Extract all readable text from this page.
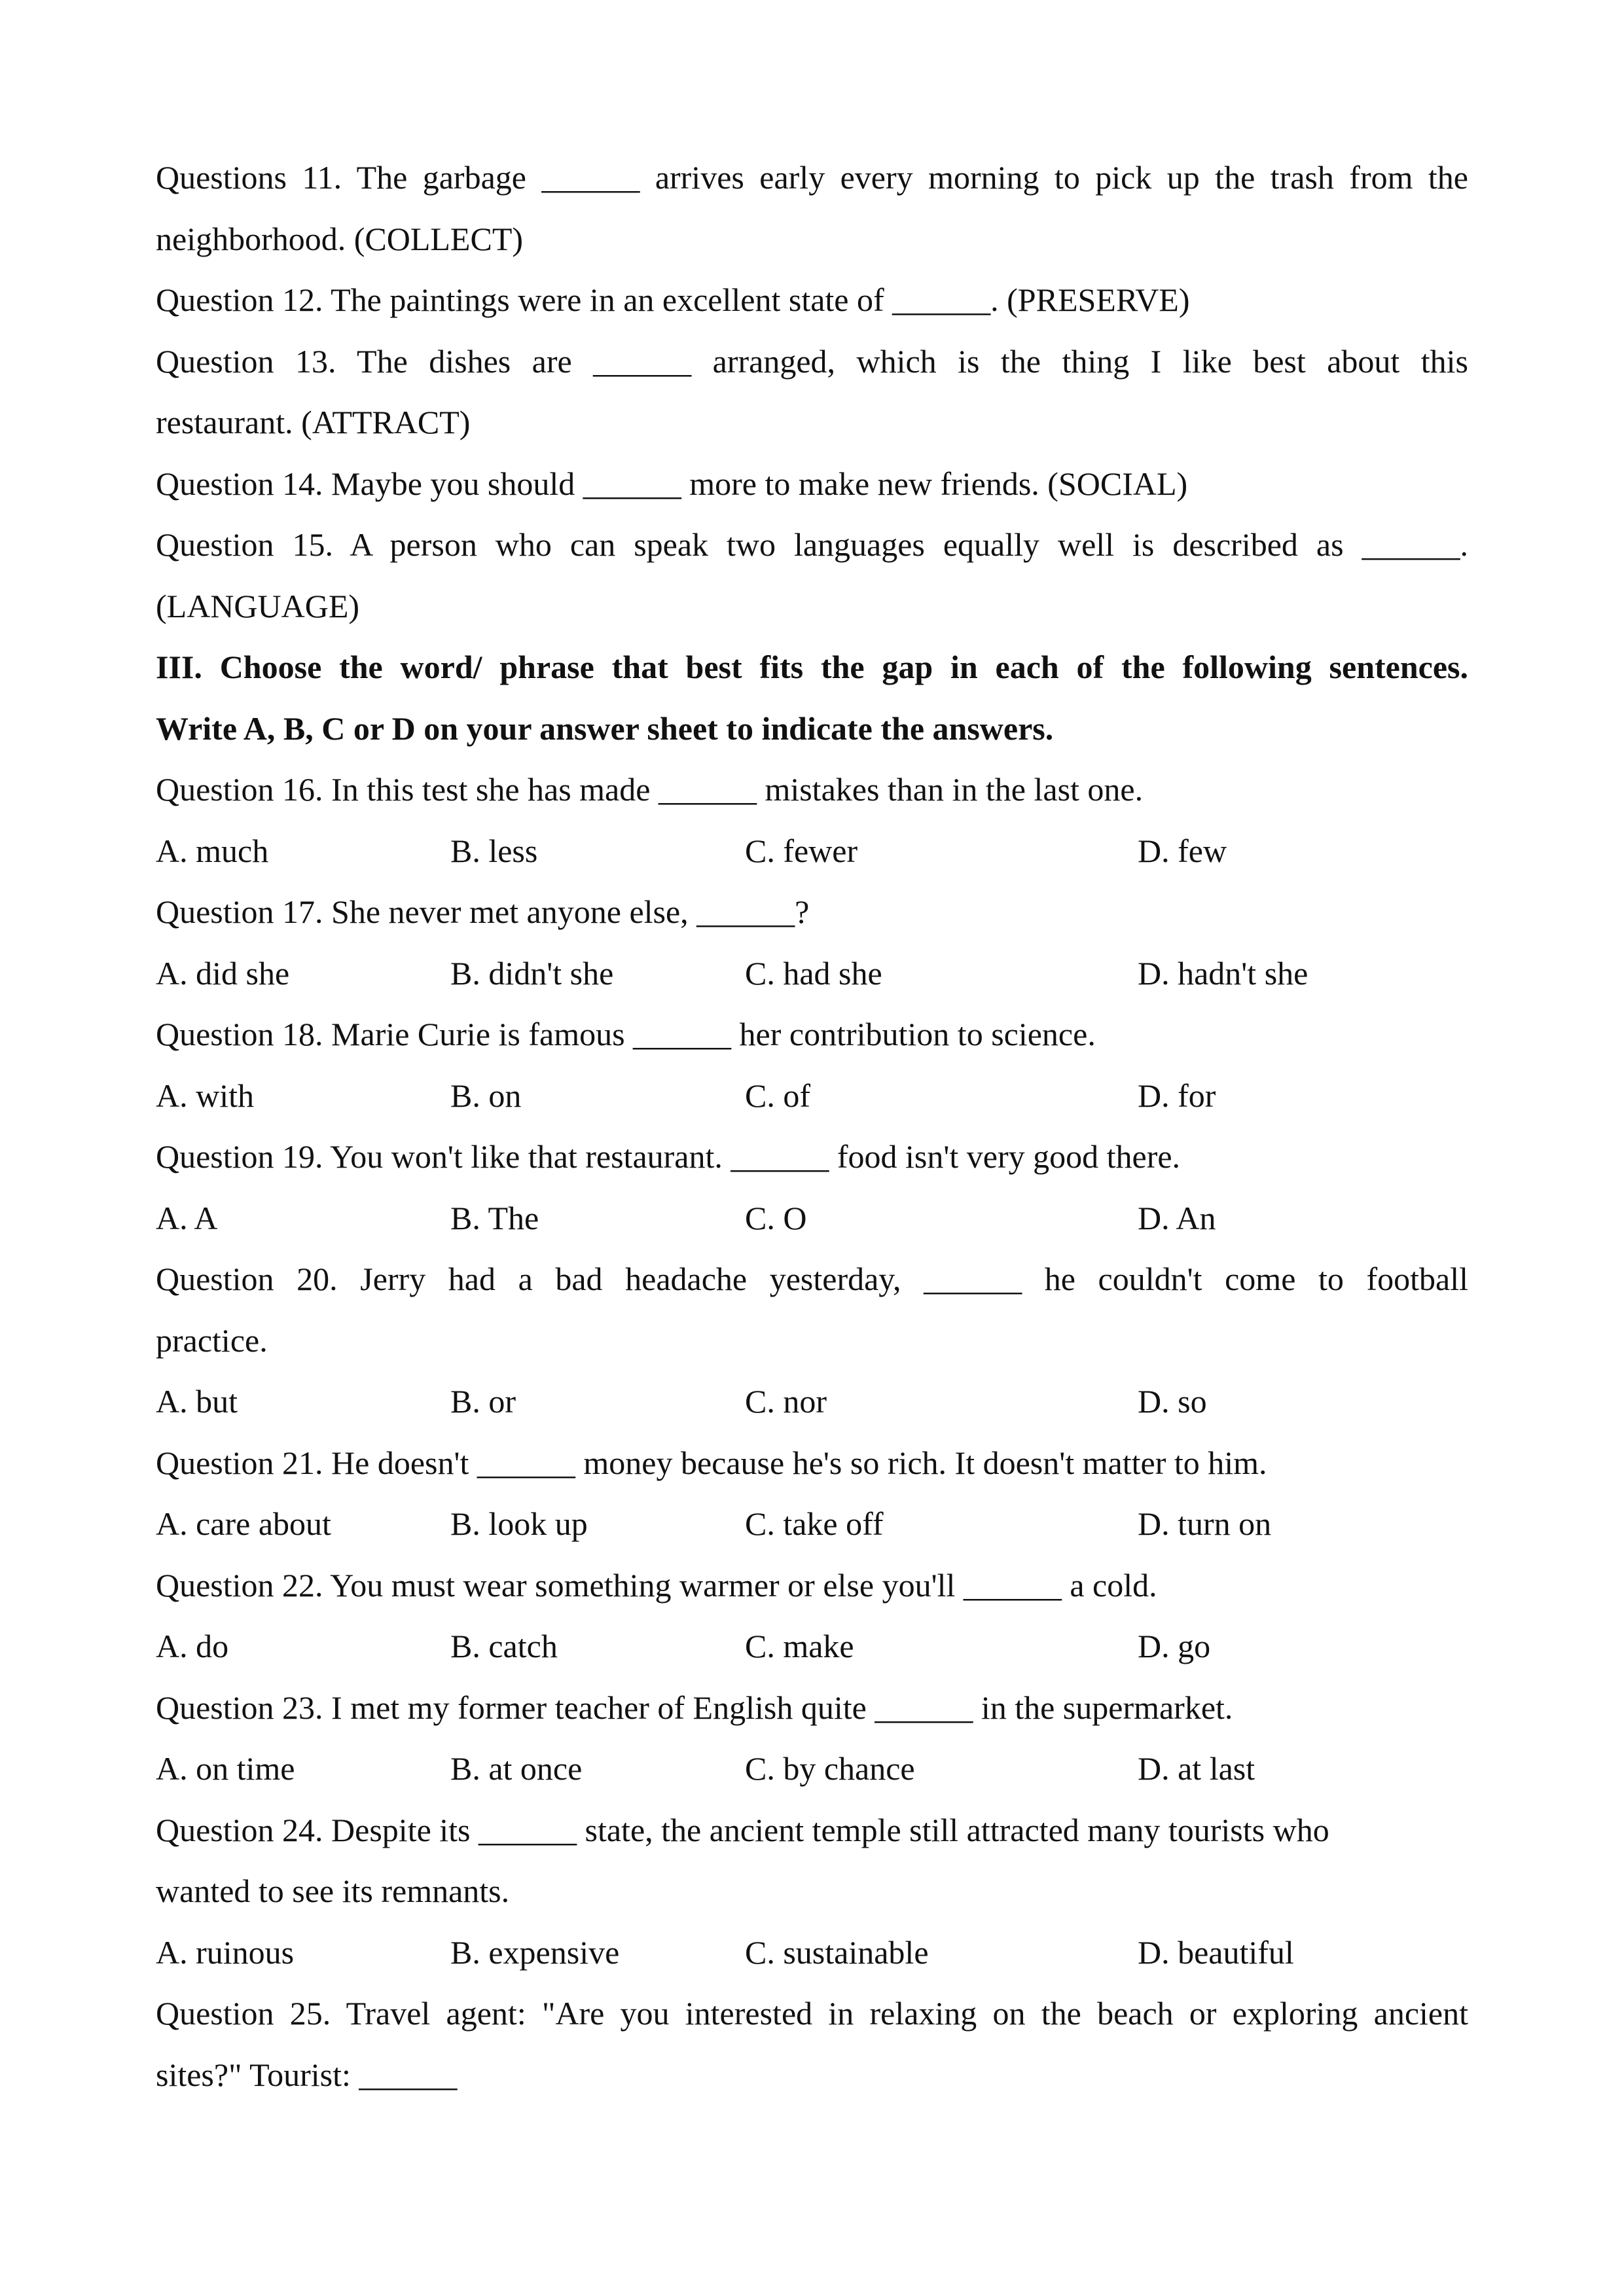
Questions 11. The garbage ______ arrives early every morning to pick up the trash from the
neighborhood. (COLLECT)
Question 12. The paintings were in an excellent state of ______. (PRESERVE)
Question 13. The dishes are ______ arranged, which is the thing I like best about this
restaurant. (ATTRACT)
Question 14. Maybe you should ______ more to make new friends. (SOCIAL)
Question 15. A person who can speak two languages equally well is described as ______.
(LANGUAGE)
III. Choose the word/ phrase that best fits the gap in each of the following sentences.
Write A, B, C or D on your answer sheet to indicate the answers.
Question 16. In this test she has made ______ mistakes than in the last one.
A. much	B. less	C. fewer	D. few
Question 17. She never met anyone else, ______?
A. did she	B. didn't she	C. had she	D. hadn't she
Question 18. Marie Curie is famous ______ her contribution to science.
A. with	B. on	C. of	D. for
Question 19. You won't like that restaurant. ______ food isn't very good there.
A. A	B. The	C. O	D. An
Question 20. Jerry had a bad headache yesterday, ______ he couldn't come to football
practice.
A. but	B. or	C. nor	D. so
Question 21. He doesn't ______ money because he's so rich. It doesn't matter to him.
A. care about	B. look up	C. take off	D. turn on
Question 22. You must wear something warmer or else you'll ______ a cold.
A. do	B. catch	C. make	D. go
Question 23. I met my former teacher of English quite ______ in the supermarket.
A. on time	B. at once	C. by chance	D. at last
Question 24. Despite its ______ state, the ancient temple still attracted many tourists who
wanted to see its remnants.
A. ruinous	B. expensive	C. sustainable	D. beautiful
Question 25. Travel agent: "Are you interested in relaxing on the beach or exploring ancient
sites?" Tourist: ______
